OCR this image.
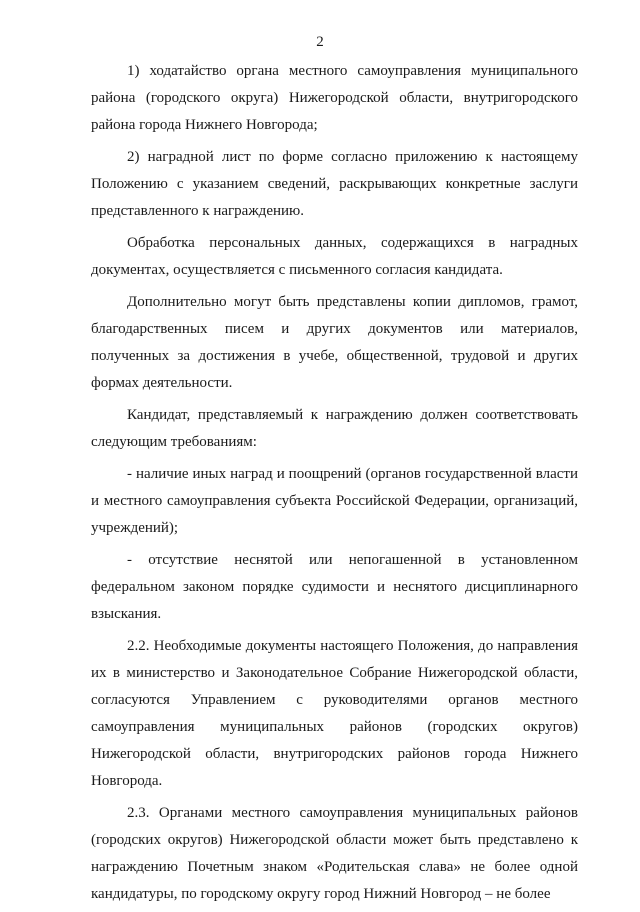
2

1) ходатайство органа местного самоуправления муниципального района (городского округа) Нижегородской области, внутригородского района города Нижнего Новгорода;

2) наградной лист по форме согласно приложению к настоящему Положению с указанием сведений, раскрывающих конкретные заслуги представленного к награждению.

Обработка персональных данных, содержащихся в наградных документах, осуществляется с письменного согласия кандидата.

Дополнительно могут быть представлены копии дипломов, грамот, благодарственных писем и других документов или материалов, полученных за достижения в учебе, общественной, трудовой и других формах деятельности.

Кандидат, представляемый к награждению должен соответствовать следующим требованиям:

- наличие иных наград и поощрений (органов государственной власти и местного самоуправления субъекта Российской Федерации, организаций, учреждений);

- отсутствие неснятой или непогашенной в установленном федеральном законом порядке судимости и неснятого дисциплинарного взыскания.

2.2. Необходимые документы настоящего Положения, до направления их в министерство и Законодательное Собрание Нижегородской области, согласуются Управлением с руководителями органов местного самоуправления муниципальных районов (городских округов) Нижегородской области, внутригородских районов города Нижнего Новгорода.

2.3. Органами местного самоуправления муниципальных районов (городских округов) Нижегородской области может быть представлено к награждению Почетным знаком «Родительская слава» не более одной кандидатуры, по городскому округу город Нижний Новгород – не более
